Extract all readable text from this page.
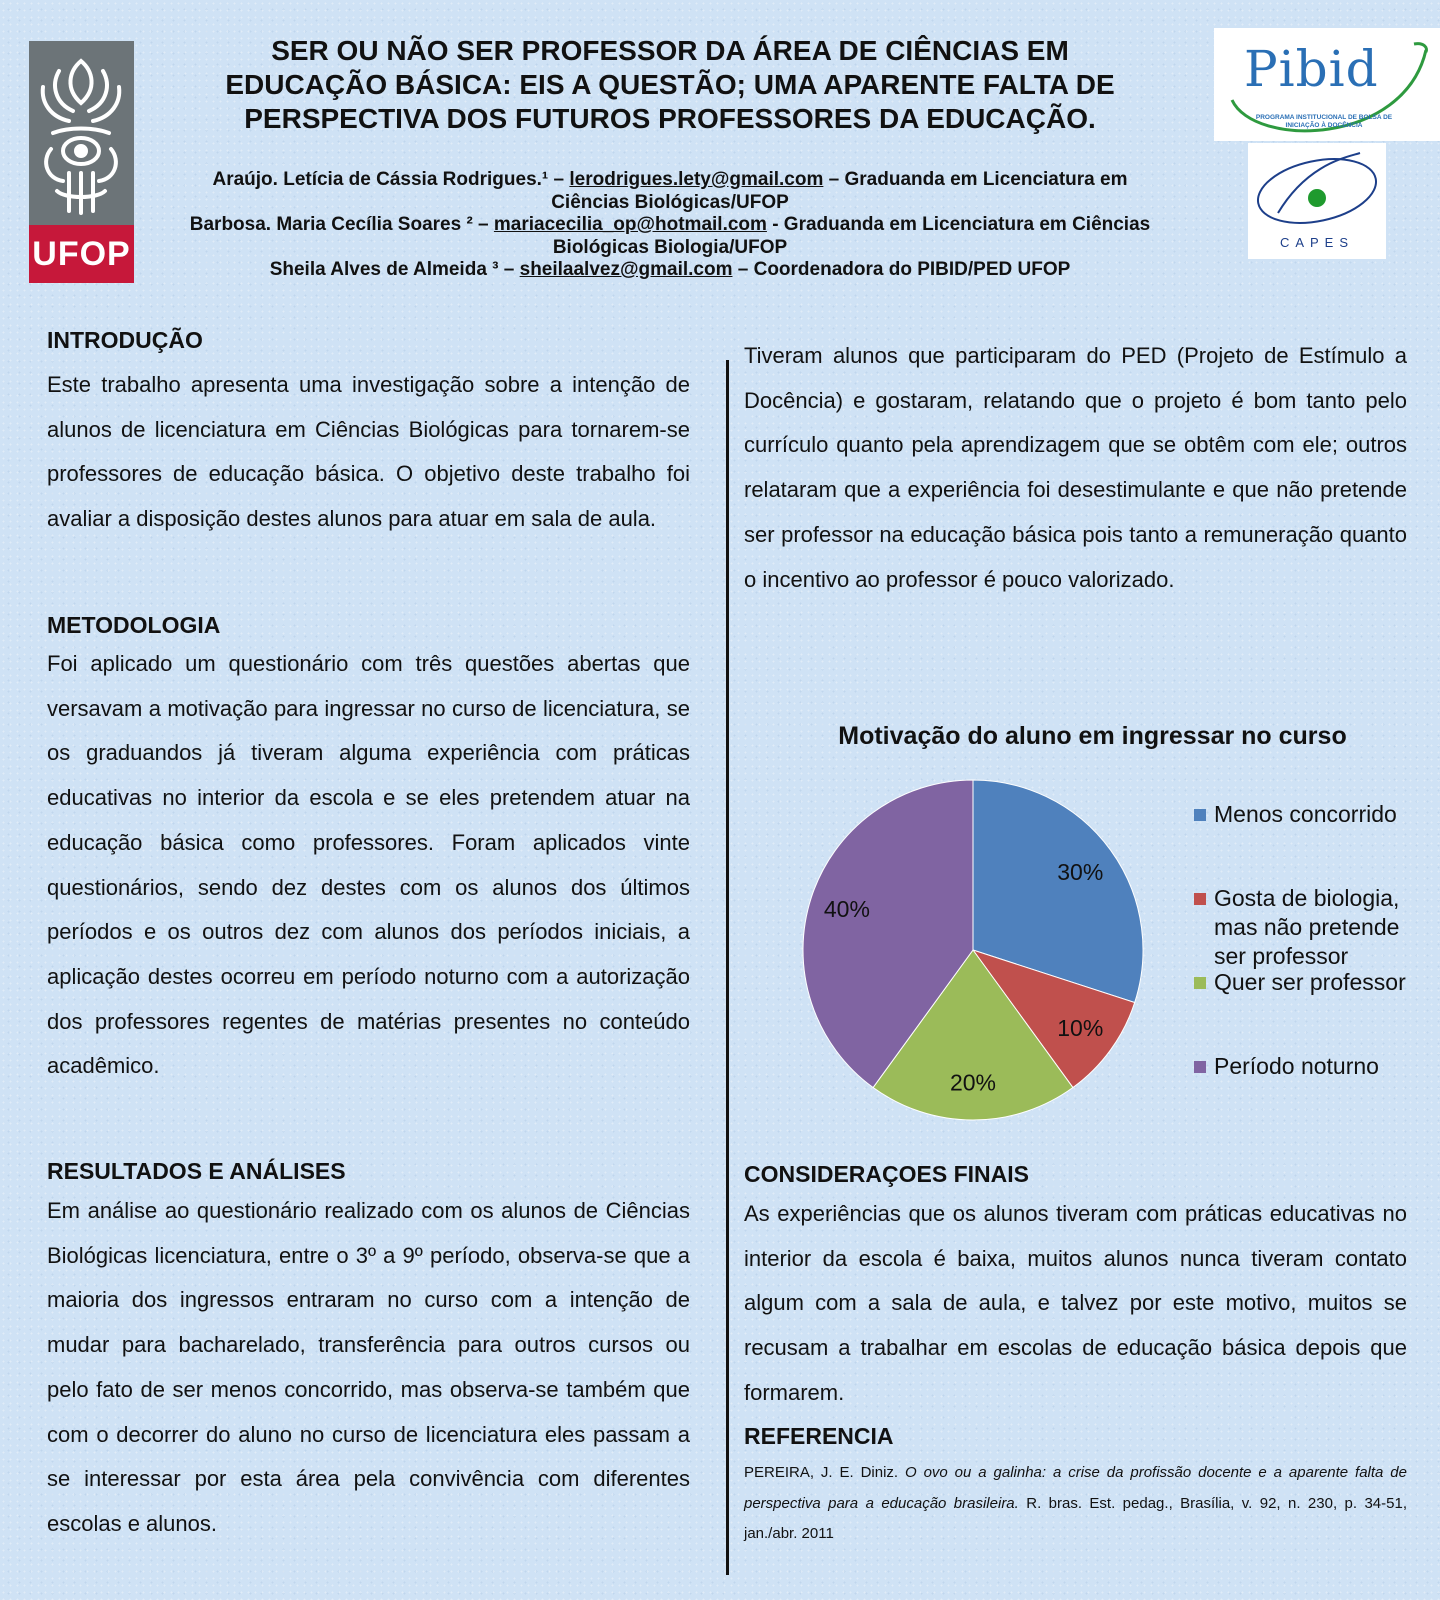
UFOP
Pibid
PROGRAMA INSTITUCIONAL DE BOLSA DE INICIAÇÃO À DOCÊNCIA
CAPES
SER OU NÃO SER PROFESSOR DA ÁREA DE CIÊNCIAS EM
EDUCAÇÃO BÁSICA: EIS A QUESTÃO; UMA APARENTE FALTA DE
PERSPECTIVA DOS FUTUROS PROFESSORES DA EDUCAÇÃO.
Araújo. Letícia de Cássia Rodrigues.¹ – lerodrigues.lety@gmail.com – Graduanda em Licenciatura em
Ciências Biológicas/UFOP
Barbosa. Maria Cecília Soares ² – mariacecilia_op@hotmail.com - Graduanda em Licenciatura em Ciências
Biológicas Biologia/UFOP
Sheila Alves de Almeida ³ – sheilaalvez@gmail.com – Coordenadora do PIBID/PED UFOP
INTRODUÇÃO

Este trabalho apresenta uma investigação sobre a intenção de alunos de licenciatura em Ciências Biológicas para tornarem-se professores de educação básica. O objetivo deste trabalho foi avaliar a disposição destes alunos para atuar em sala de aula.

METODOLOGIA

Foi aplicado um questionário com três questões abertas que versavam a motivação para ingressar no curso de licenciatura, se os graduandos já tiveram alguma experiência com práticas educativas no interior da escola e se eles pretendem atuar na educação básica como professores. Foram aplicados vinte questionários, sendo dez destes com os alunos dos últimos períodos e os outros dez com alunos dos períodos iniciais, a aplicação destes ocorreu em período noturno com a autorização dos professores regentes de matérias presentes no conteúdo acadêmico.

RESULTADOS E ANÁLISES

Em análise ao questionário realizado com os alunos de Ciências Biológicas licenciatura, entre o 3º a 9º período, observa-se que a maioria dos ingressos entraram no curso com a intenção de mudar para bacharelado, transferência para outros cursos ou pelo fato de ser menos concorrido, mas observa-se também que com o decorrer do aluno no curso de licenciatura eles passam a se interessar por esta área pela convivência com diferentes escolas e alunos.

Tiveram alunos que participaram do PED (Projeto de Estímulo a Docência) e gostaram, relatando que o projeto é bom tanto pelo currículo quanto pela aprendizagem que se obtêm com ele; outros relataram que a experiência foi desestimulante e que não pretende ser professor na educação básica pois tanto a remuneração quanto o incentivo ao professor é pouco valorizado.

Motivação do aluno em ingressar no curso
30%
10%
20%
40%
Menos concorrido
Gosta de biologia,
mas não pretende
ser professor
Quer ser professor
Período noturno
CONSIDERAÇOES FINAIS

As experiências que os alunos tiveram com práticas educativas no interior da escola é baixa, muitos alunos nunca tiveram contato algum com a sala de aula, e talvez por este motivo, muitos se recusam a trabalhar em escolas de educação básica depois que formarem.

REFERENCIA

PEREIRA, J. E. Diniz. O ovo ou a galinha: a crise da profissão docente e a aparente falta de perspectiva para a educação brasileira. R. bras. Est. pedag., Brasília, v. 92, n. 230, p. 34-51, jan./abr. 2011
